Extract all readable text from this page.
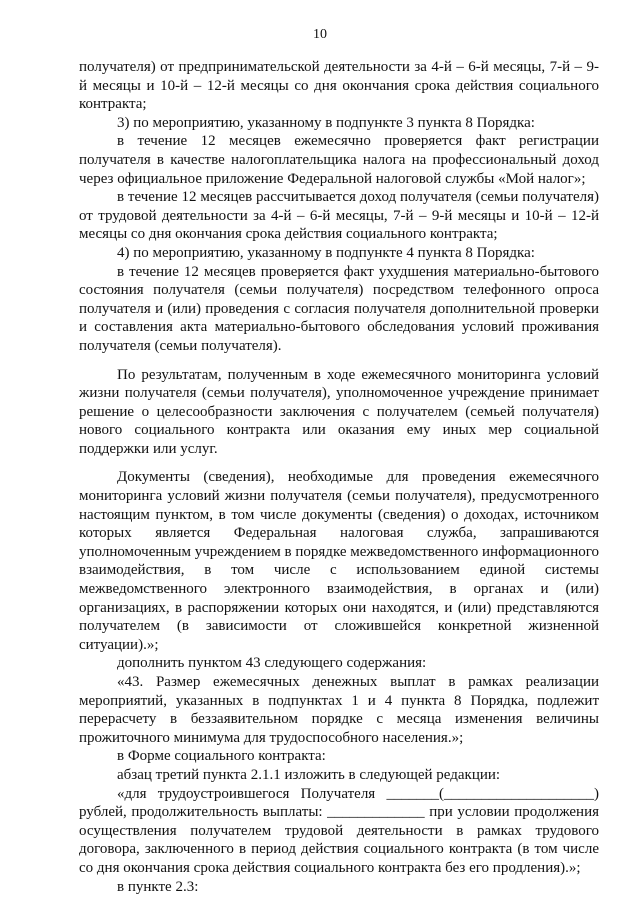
10

получателя) от предпринимательской деятельности за 4-й – 6-й месяцы, 7-й – 9-й месяцы и 10-й – 12-й месяцы со дня окончания срока действия социального контракта;

3) по мероприятию, указанному в подпункте 3 пункта 8 Порядка:

в течение 12 месяцев ежемесячно проверяется факт регистрации получателя в качестве налогоплательщика налога на профессиональный доход через официальное приложение Федеральной налоговой службы «Мой налог»;

в течение 12 месяцев рассчитывается доход получателя (семьи получателя) от трудовой деятельности за 4-й – 6-й месяцы, 7-й – 9-й месяцы и 10-й – 12-й месяцы со дня окончания срока действия социального контракта;

4) по мероприятию, указанному в подпункте 4 пункта 8 Порядка:

в течение 12 месяцев проверяется факт ухудшения материально-бытового состояния получателя (семьи получателя) посредством телефонного опроса получателя и (или) проведения с согласия получателя дополнительной проверки и составления акта материально-бытового обследования условий проживания получателя (семьи получателя).

По результатам, полученным в ходе ежемесячного мониторинга условий жизни получателя (семьи получателя), уполномоченное учреждение принимает решение о целесообразности заключения с получателем (семьей получателя) нового социального контракта или оказания ему иных мер социальной поддержки или услуг.

Документы (сведения), необходимые для проведения ежемесячного мониторинга условий жизни получателя (семьи получателя), предусмотренного настоящим пунктом, в том числе документы (сведения) о доходах, источником которых является Федеральная налоговая служба, запрашиваются уполномоченным учреждением в порядке межведомственного информационного взаимодействия, в том числе с использованием единой системы межведомственного электронного взаимодействия, в органах и (или) организациях, в распоряжении которых они находятся, и (или) представляются получателем (в зависимости от сложившейся конкретной жизненной ситуации).»;

дополнить пунктом 43 следующего содержания:

«43. Размер ежемесячных денежных выплат в рамках реализации мероприятий, указанных в подпунктах 1 и 4 пункта 8 Порядка, подлежит перерасчету в беззаявительном порядке с месяца изменения величины прожиточного минимума для трудоспособного населения.»;

в Форме социального контракта:

абзац третий пункта 2.1.1 изложить в следующей редакции:

«для трудоустроившегося Получателя _______(____________________) рублей, продолжительность выплаты: _____________ при условии продолжения осуществления получателем трудовой деятельности в рамках трудового договора, заключенного в период действия социального контракта (в том числе со дня окончания срока действия социального контракта без его продления).»;

в пункте 2.3:
